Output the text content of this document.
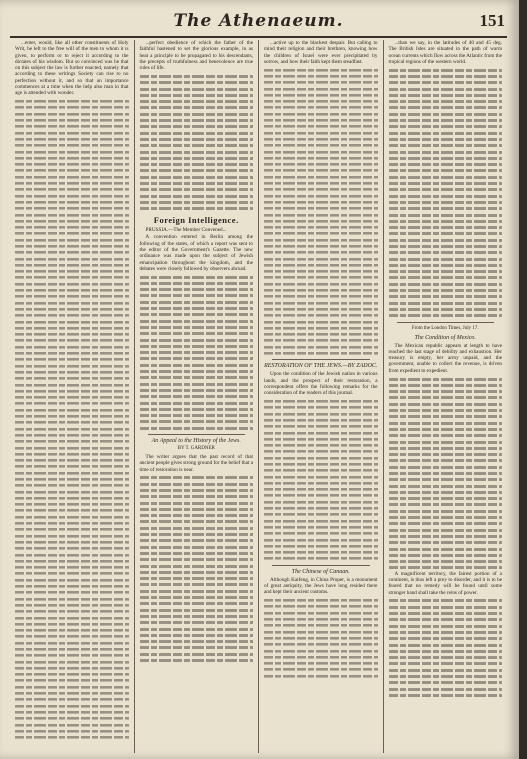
The Athenaeum.	151

...enter, would, like all other constituents of Holy Writ, be left to the free will of the men to whom it is given, to perform or to reject it according to the dictates of his wisdom. But so convinced was he that on this subject the law is further enacted, namely that according to these writings Society can rise to no perfection without it, and so that an importance commences at a time when the help also man in that age is attended with wonder.

...perfect obedience of which the father of the faithful hastened to set the glorious example, in as heat a principle to be propagated to his descendants, the precepts of truthfulness and benevolence are true rules of life.

Foreign Intelligence.

PRUSSIA.—The Member Convened...

A convention entered in Berlin among the following of the states, of which a report was sent to the editor of the Government's Gazette. The new ordinance was made upon the subject of Jewish emancipation throughout the kingdom, and the debates were closely followed by observers abroad.

An Appeal to the History of the Jews.
BY T. GARDNER

The writer argues that the past record of that ancient people gives strong ground for the belief that a time of restoration is near.

...active up to the blackest despair. But calling to mind their religion and their brethren, knowing how the children of Israel were ever precipitated by sorrow, and how their faith kept them steadfast.

RESTORATION OF THE JEWS.—BY ZADOC.

Upon the condition of the Jewish nation in various lands, and the prospect of their restoration, a correspondent offers the following remarks for the consideration of the readers of this journal.

The Chinese of Canaan.

Although Kaifeng, in China Proper, is a monument of great antiquity, the Jews have long resided there and kept their ancient customs.

...than we say, in the latitudes of 40 and 45 deg. The British Isles are situated in the path of warm ocean currents which flow across the Atlantic from the tropical regions of the western world.

From the London Times, July 17.
The Condition of Mexico.

The Mexican republic appears at length to have reached the last stage of debility and exhaustion. Her treasury is empty, her army unpaid, and the government, unable to collect the revenue, is driven from expedient to expedient.

A magnificent territory, the fairest portion of a continent, is thus left a prey to disorder, and it is to be feared that no remedy will be found until some stronger hand shall take the reins of power.
